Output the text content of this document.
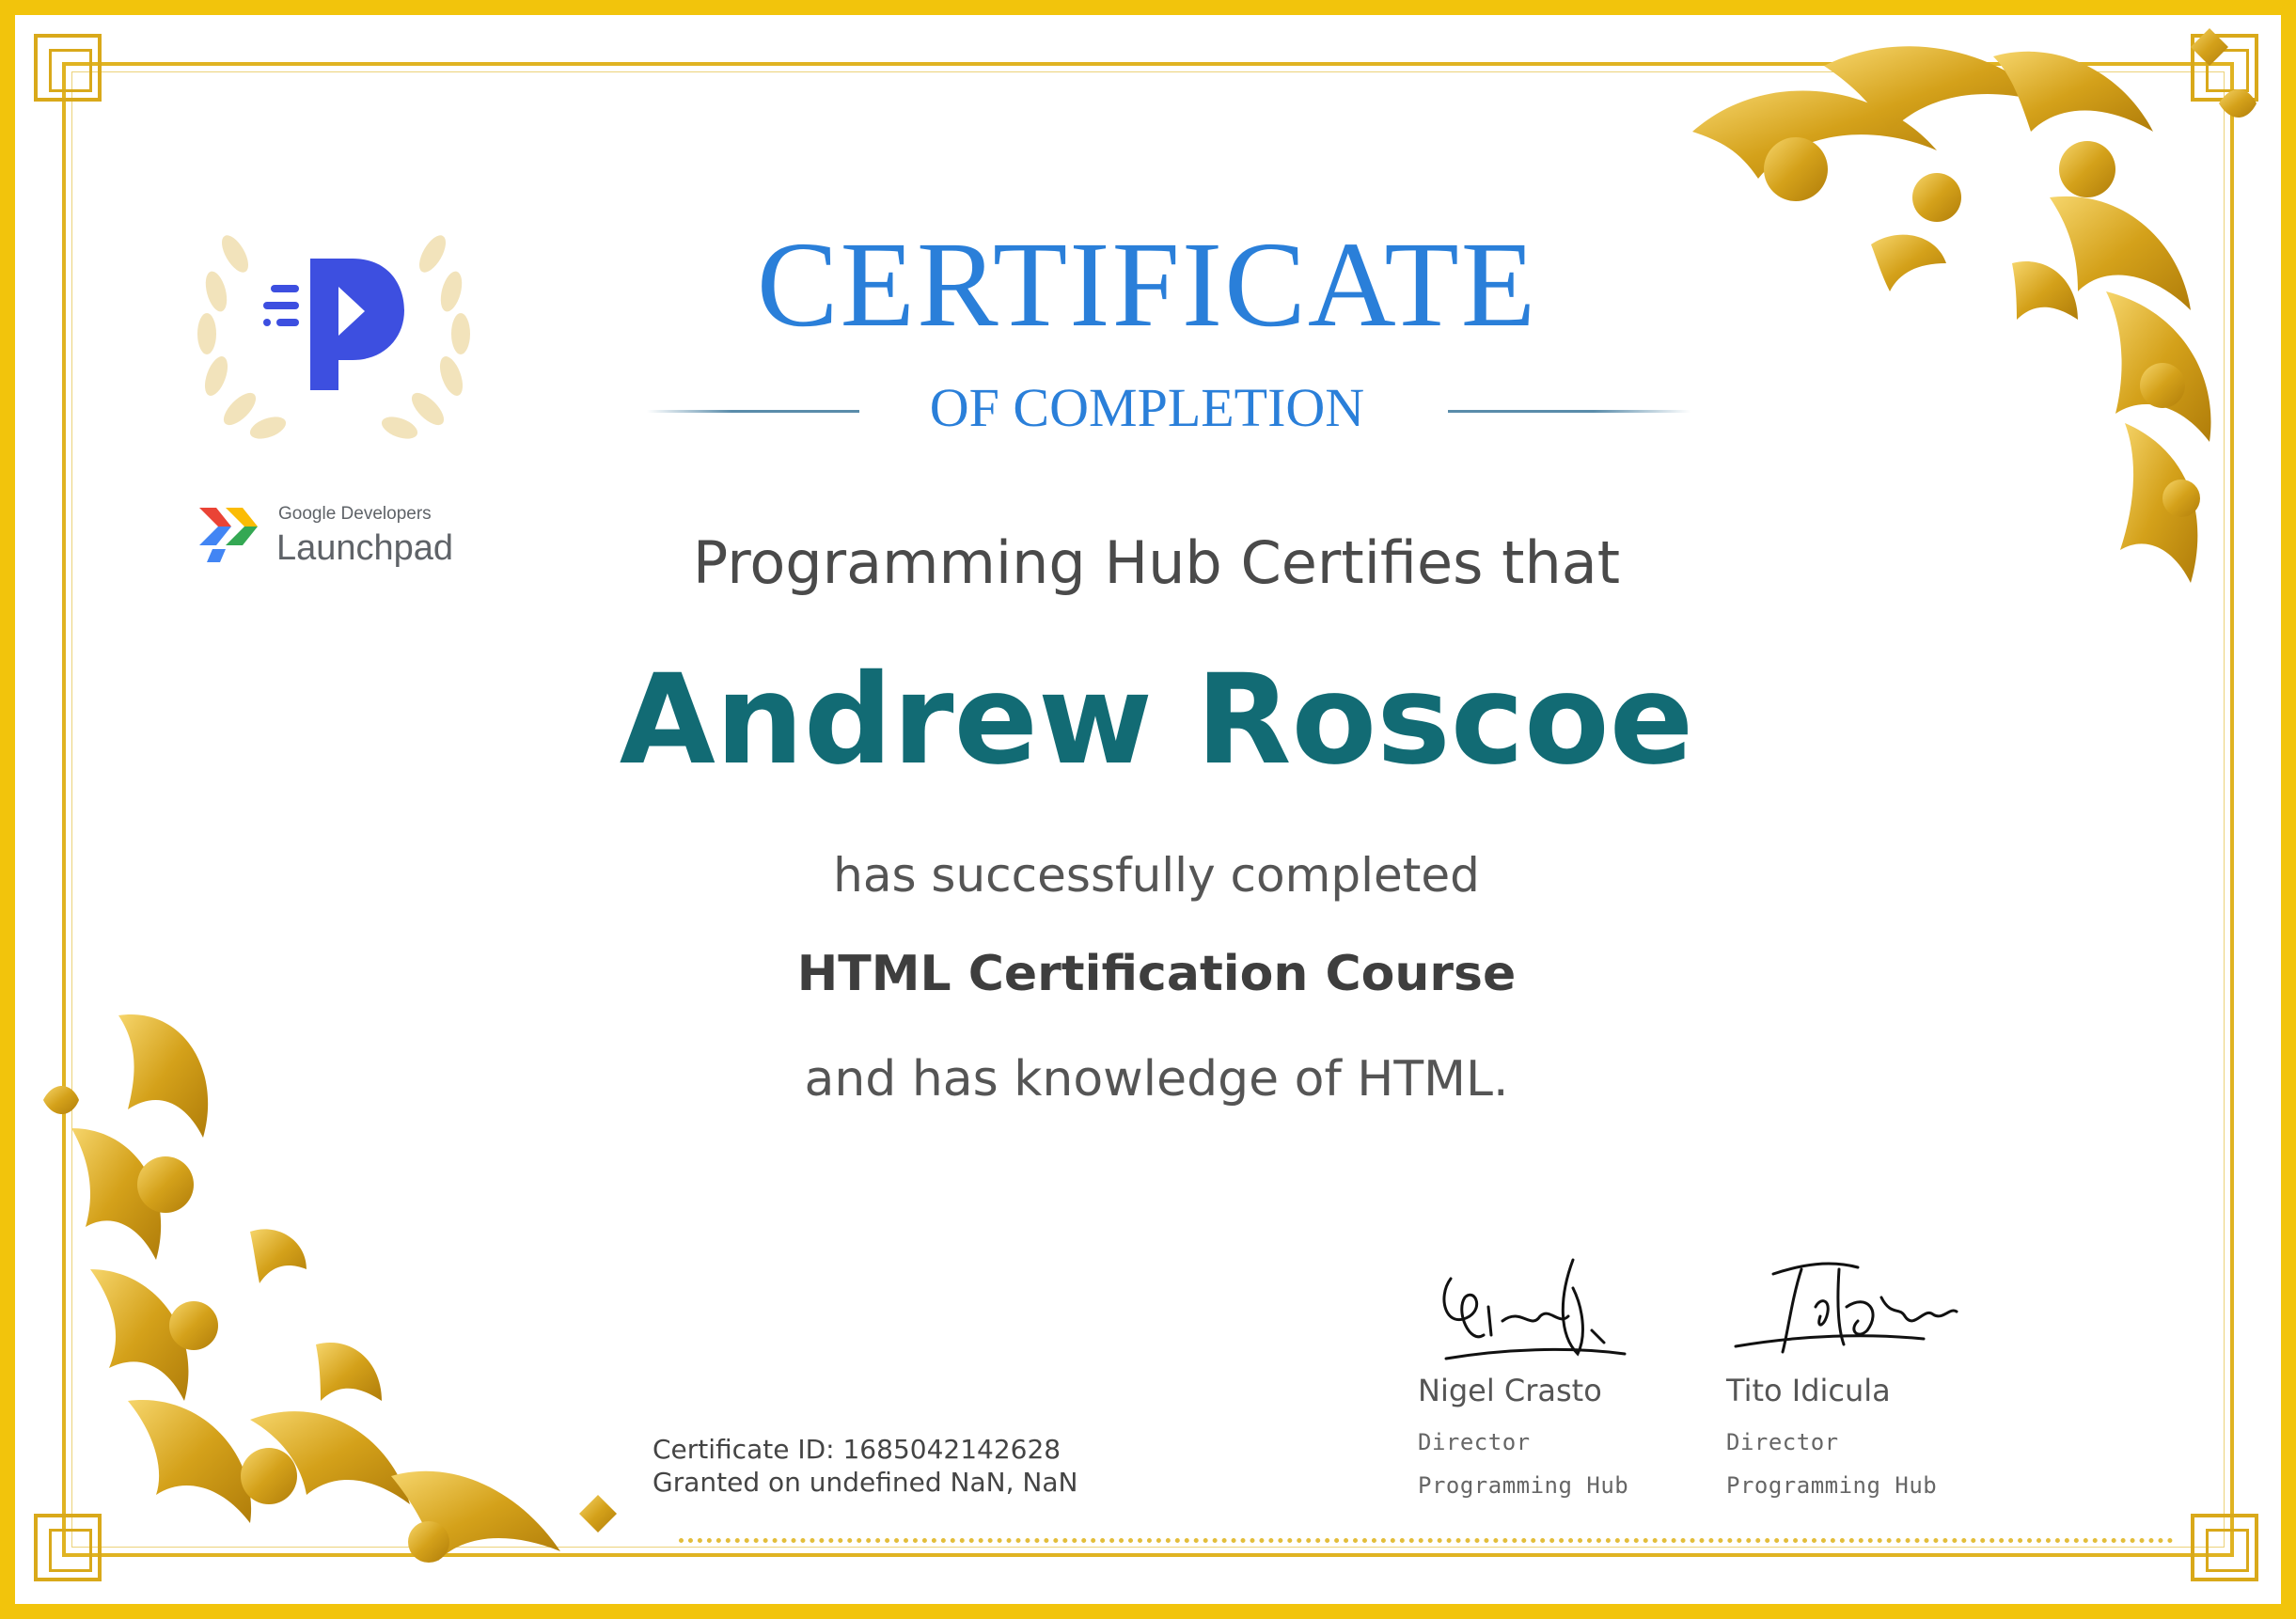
Google Developers
Launchpad
CERTIFICATE
OF COMPLETION
Programming Hub Certifies that
Andrew Roscoe
has successfully completed
HTML Certification Course
and has knowledge of HTML.
Certificate ID: 1685042142628
Granted on undefined NaN, NaN
Nigel Crasto
Director
Programming Hub
Tito Idicula
Director
Programming Hub
